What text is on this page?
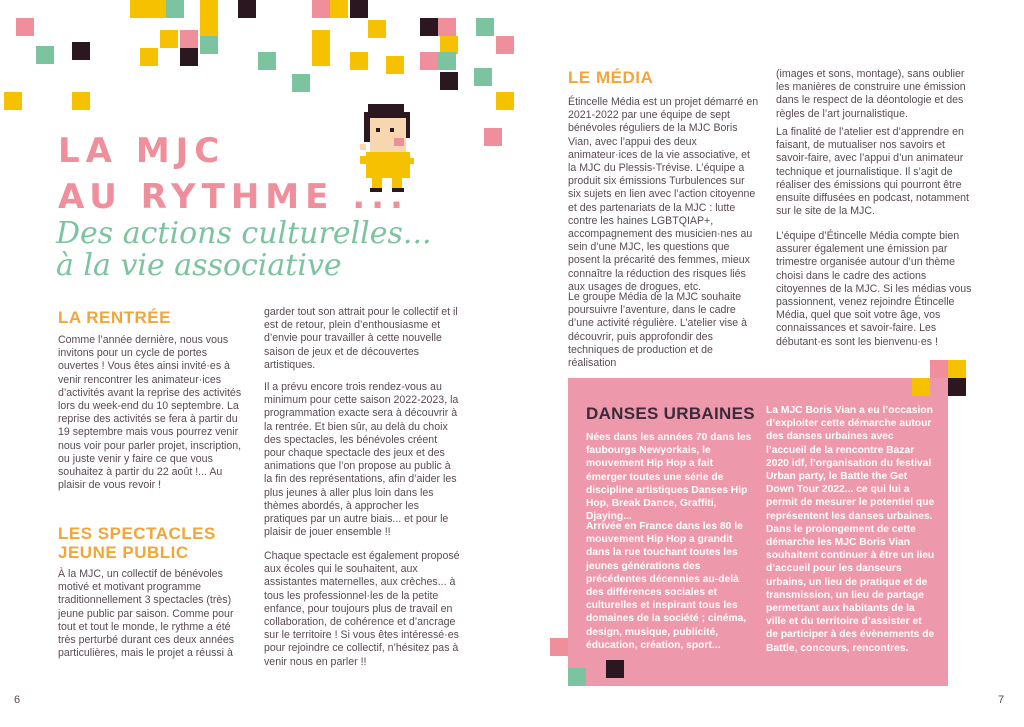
LA MJC
AU RYTHME ...
Des actions culturelles...
à la vie associative
LA RENTRÉE

Comme l’année dernière, nous vous invitons pour un cycle de portes ouvertes ! Vous êtes ainsi invité·es à venir rencontrer les animateur·ices d’activités avant la reprise des activités lors du week-end du 10 septembre. La reprise des activités se fera à partir du 19 septembre mais vous pourrez venir nous voir pour parler projet, inscription, ou juste venir y faire ce que vous souhaitez à partir du 22 août !... Au plaisir de vous revoir !

LES SPECTACLES
JEUNE PUBLIC

À la MJC, un collectif de bénévoles motivé et motivant programme traditionnellement 3 spectacles (très) jeune public par saison. Comme pour tout et tout le monde, le rythme a été très perturbé durant ces deux années particulières, mais le projet a réussi à

garder tout son attrait pour le collectif et il est de retour, plein d’enthousiasme et d’envie pour travailler à cette nouvelle saison de jeux et de découvertes artistiques.

Il a prévu encore trois rendez-vous au minimum pour cette saison 2022-2023, la programmation exacte sera à découvrir à la rentrée. Et bien sûr, au delà du choix des spectacles, les bénévoles créent pour chaque spectacle des jeux et des animations que l’on propose au public à la fin des représentations, afin d’aider les plus jeunes à aller plus loin dans les thèmes abordés, à approcher les pratiques par un autre biais... et pour le plaisir de jouer ensemble !!

Chaque spectacle est également proposé aux écoles qui le souhaitent, aux assistantes maternelles, aux crèches... à tous les professionnel·les de la petite enfance, pour toujours plus de travail en collaboration, de cohérence et d’ancrage sur le territoire ! Si vous êtes intéressé·es pour rejoindre ce collectif, n’hésitez pas à venir nous en parler !!

6
LE MÉDIA

Étincelle Média est un projet démarré en 2021-2022 par une équipe de sept bénévoles réguliers de la MJC Boris Vian, avec l’appui des deux animateur·ices de la vie associative, et la MJC du Plessis-Trévise. L’équipe a produit six émissions Turbulences sur six sujets en lien avec l’action citoyenne et des partenariats de la MJC : lutte contre les haines LGBTQIAP+, accompagnement des musicien·nes au sein d’une MJC, les questions que posent la précarité des femmes, mieux connaître la réduction des risques liés aux usages de drogues, etc.

Le groupe Média de la MJC souhaite poursuivre l’aventure, dans le cadre d’une activité régulière. L’atelier vise à découvrir, puis approfondir des techniques de production et de réalisation

(images et sons, montage), sans oublier les manières de construire une émission dans le respect de la déontologie et des règles de l’art journalistique.

La finalité de l’atelier est d’apprendre en faisant, de mutualiser nos savoirs et savoir-faire, avec l’appui d’un animateur technique et journalistique. Il s’agit de réaliser des émissions qui pourront être ensuite diffusées en podcast, notamment sur le site de la MJC.

L’équipe d’Étincelle Média compte bien assurer également une émission par trimestre organisée autour d’un thème choisi dans le cadre des actions citoyennes de la MJC. Si les médias vous passionnent, venez rejoindre Étincelle Média, quel que soit votre âge, vos connaissances et savoir-faire. Les débutant·es sont les bienvenu·es !

DANSES URBAINES

Nées dans les années 70 dans les faubourgs Newyorkais, le mouvement Hip Hop a fait émerger toutes une série de discipline artistiques Danses Hip Hop, Break Dance, Graffiti, Djaying...

Arrivée en France dans les 80 le mouvement Hip Hop a grandit dans la rue touchant toutes les jeunes générations des précédentes décennies au-delà des différences sociales et culturelles et inspirant tous les domaines de la société ; cinéma, design, musique, publicité, éducation, création, sport...

La MJC Boris Vian a eu l’occasion d’exploiter cette démarche autour des danses urbaines avec l’accueil de la rencontre Bazar 2020 idf, l’organisation du festival Urban party, le Battle the Get Down Tour 2022... ce qui lui a permit de mesurer le potentiel que représentent les danses urbaines. Dans le prolongement de cette démarche les MJC Boris Vian souhaitent continuer à être un lieu d’accueil pour les danseurs urbains, un lieu de pratique et de transmission, un lieu de partage permettant aux habitants de la ville et du territoire d’assister et de participer à des évènements de Battle, concours, rencontres.

7
